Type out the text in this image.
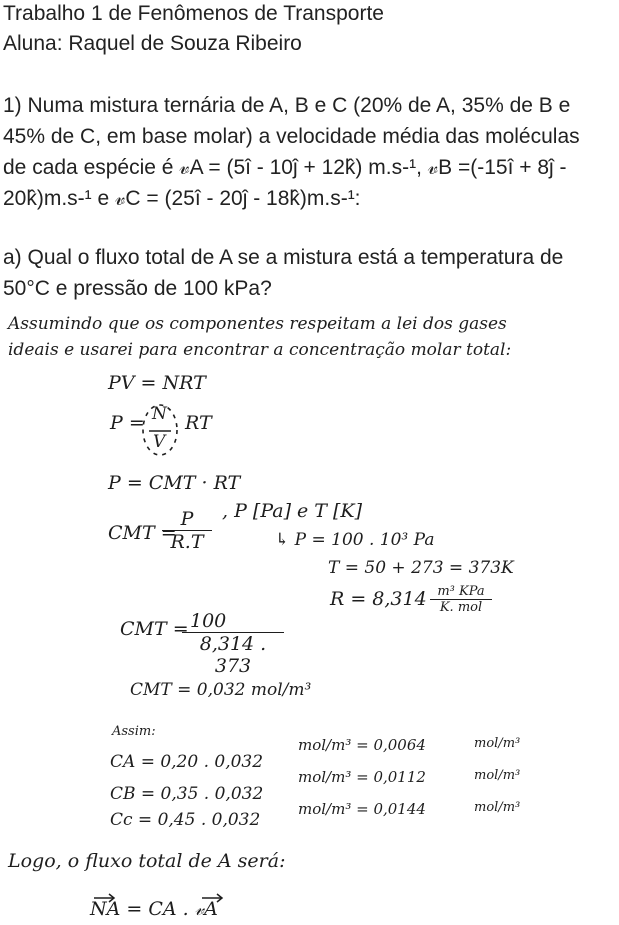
Trabalho 1 de Fenômenos de Transporte
Aluna: Raquel de Souza Ribeiro
1) Numa mistura ternária de A, B e C (20% de A, 35% de B e
45% de C, em base molar) a velocidade média das moléculas
de cada espécie é 𝓋A = (5î - 10ĵ + 12k̂) m.s-¹, 𝓋B =(-15î + 8ĵ -
20k̂)m.s-¹ e 𝓋C = (25î - 20ĵ - 18k̂)m.s-¹:
a) Qual o fluxo total de A se a mistura está a temperatura de
50°C e pressão de 100 kPa?
Assumindo que os componentes respeitam a lei dos gases
ideais e usarei para encontrar a concentração molar total:
PV = NRT
P = N
V
RT
P = CMT · RT
CMT =
$\frac{P}{R.T}$ , P [Pa] e T [K]
↳ P = 100 . 10³ Pa
T = 50 + 273 = 373K
R = 8,314 m³ KPa
K. mol
CMT =
$\frac{100}{8,314 . 373}$
CMT = 0,032 mol/m³
Assim:
CA = 0,20 . 0,032
mol/m³ = 0,0064	mol/m³
CB = 0,35 . 0,032
mol/m³ = 0,0112	mol/m³
Cc = 0,45 . 0,032
mol/m³ = 0,0144	mol/m³
Logo, o fluxo total de A será:
NA = CA . 𝓋A
